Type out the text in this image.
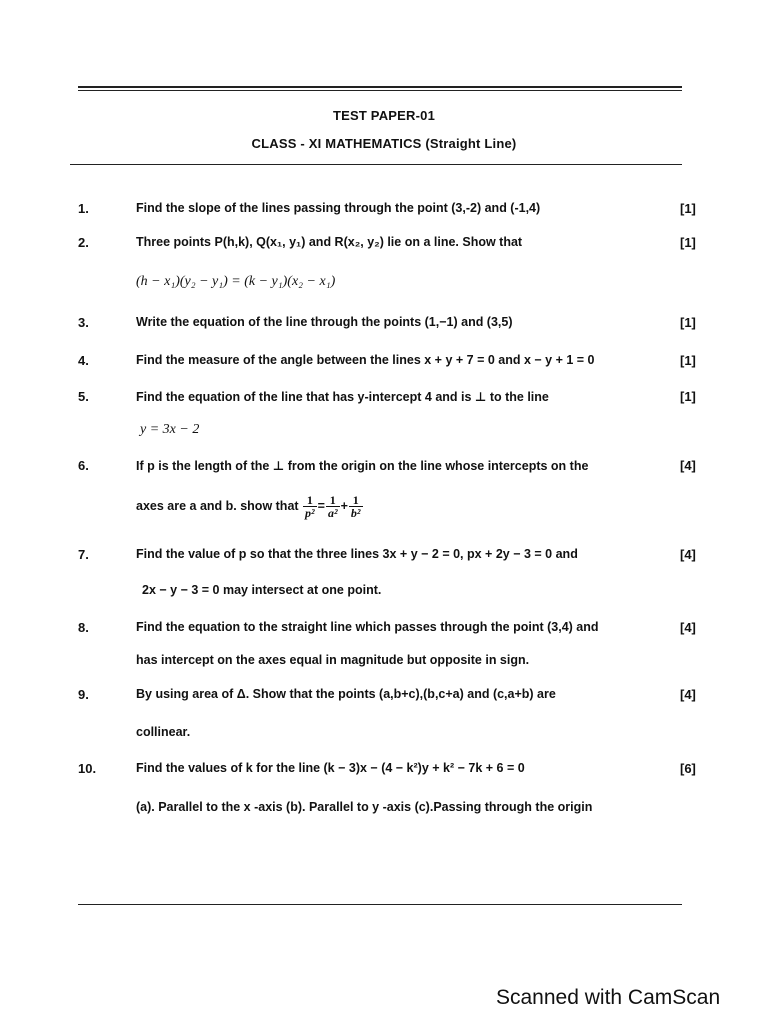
TEST PAPER-01
CLASS - XI MATHEMATICS (Straight Line)
1.	Find the slope of the lines passing through the point (3,-2) and (-1,4)	[1]
2.	Three points P(h,k), Q(x₁, y₁) and R(x₂, y₂) lie on a line. Show that	[1]
(h − x₁)(y₂ − y₁) = (k − y₁)(x₂ − x₁)
3.	Write the equation of the line through the points (1,−1) and (3,5)	[1]
4.	Find the measure of the angle between the lines x + y + 7 = 0 and x − y + 1 = 0	[1]
5.	Find the equation of the line that has y-intercept 4 and is ⊥ to the line	[1]
y = 3x − 2
6.	If p is the length of the ⊥ from the origin on the line whose intercepts on the	[4]
axes are a and b. show that $\frac{1}{\text{p²}} = \frac{1}{\text{a²}} + \frac{1}{\text{b²}}$
7.	Find the value of p so that the three lines 3x + y − 2 = 0, px + 2y − 3 = 0 and	[4]
2x − y − 3 = 0 may intersect at one point.
8.	Find the equation to the straight line which passes through the point (3,4) and	[4]
has intercept on the axes equal in magnitude but opposite in sign.
9.	By using area of Δ. Show that the points (a,b+c),(b,c+a) and (c,a+b) are	[4]
collinear.
10.	Find the values of k for the line (k − 3)x − (4 − k²)y + k² − 7k + 6 = 0	[6]
(a). Parallel to the x -axis (b). Parallel to y -axis (c).Passing through the origin
Scanned with CamScan
